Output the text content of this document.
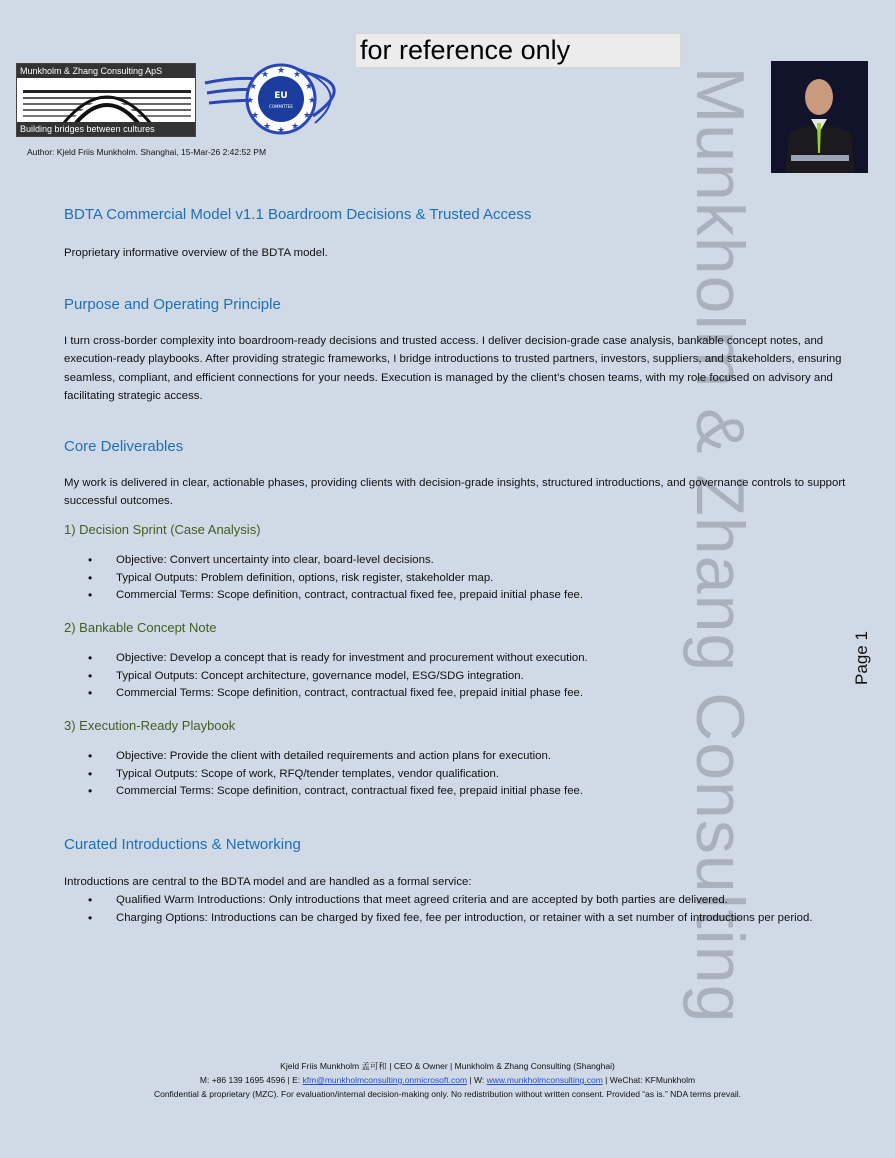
for reference only
Munkholm & Zhang Consulting ApS
Building bridges between cultures
★ ★
★
★
★
★
★
★
★
★
★
★
EU
COMMITTEE
Author: Kjeld Friis Munkholm. Shanghai, 15-Mar-26 2:42:52 PM	Munkholm & Zhang Consulting	Page 1
BDTA Commercial Model v1.1 Boardroom Decisions & Trusted Access

Proprietary informative overview of the BDTA model.

Purpose and Operating Principle

I turn cross-border complexity into boardroom-ready decisions and trusted access. I deliver decision-grade case analysis, bankable concept notes, and execution-ready playbooks. After providing strategic frameworks, I bridge introductions to trusted partners, investors, suppliers, and stakeholders, ensuring seamless, compliant, and efficient connections for your needs. Execution is managed by the client’s chosen teams, with my role focused on advisory and facilitating strategic access.

Core Deliverables

My work is delivered in clear, actionable phases, providing clients with decision-grade insights, structured introductions, and governance controls to support successful outcomes.

1) Decision Sprint (Case Analysis)
• Objective: Convert uncertainty into clear, board-level decisions.
• Typical Outputs: Problem definition, options, risk register, stakeholder map.
• Commercial Terms: Scope definition, contract, contractual fixed fee, prepaid initial phase fee.
2) Bankable Concept Note
• Objective: Develop a concept that is ready for investment and procurement without execution.
• Typical Outputs: Concept architecture, governance model, ESG/SDG integration.
• Commercial Terms: Scope definition, contract, contractual fixed fee, prepaid initial phase fee.
3) Execution-Ready Playbook
• Objective: Provide the client with detailed requirements and action plans for execution.
• Typical Outputs: Scope of work, RFQ/tender templates, vendor qualification.
• Commercial Terms: Scope definition, contract, contractual fixed fee, prepaid initial phase fee.
Curated Introductions & Networking

Introductions are central to the BDTA model and are handled as a formal service:

• Qualified Warm Introductions: Only introductions that meet agreed criteria and are accepted by both parties are delivered.
• Charging Options: Introductions can be charged by fixed fee, fee per introduction, or retainer with a set number of introductions per period.
Kjeld Friis Munkholm 孟可和 | CEO & Owner | Munkholm & Zhang Consulting (Shanghai)
M: +86 139 1695 4596 | E: kfm@munkholmconsulting.onmicrosoft.com | W: www.munkholmconsulting.com | WeChat: KFMunkholm
Confidential & proprietary (MZC). For evaluation/internal decision-making only. No redistribution without written consent. Provided “as is.” NDA terms prevail.
